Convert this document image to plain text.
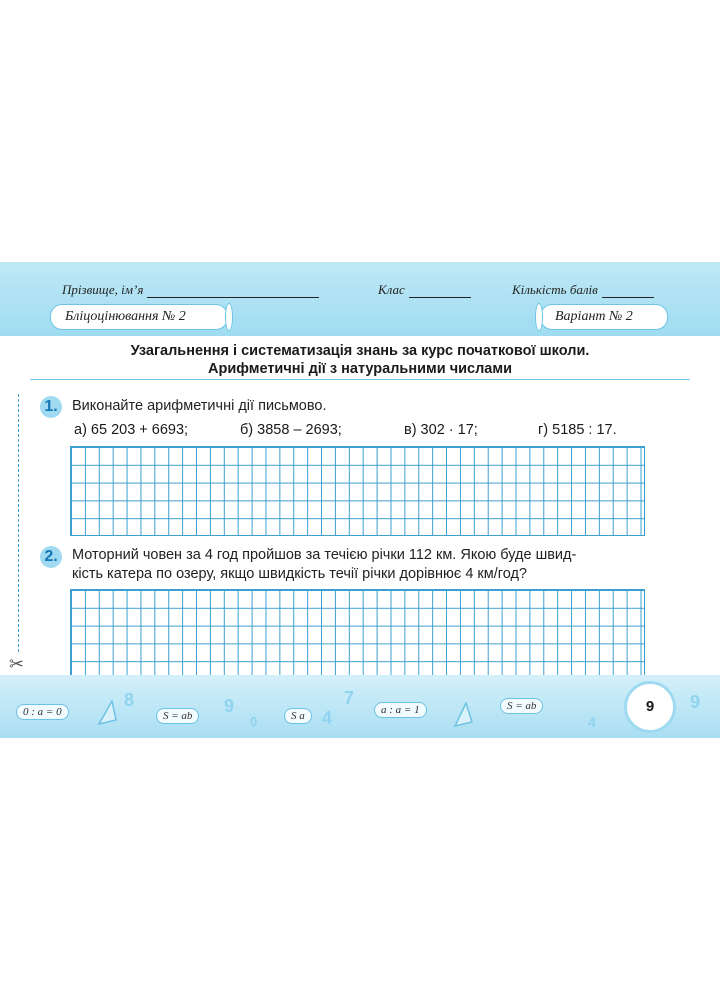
Прізвище, ім’я	Клас	Кількість балів
Бліцоцінювання № 2	Варіант № 2
Узагальнення і систематизація знань за курс початкової школи.
Арифметичні дії з натуральними числами
✂
1. Виконайте арифметичні дії письмово.
а) 65 203 + 6693;	б) 3858 – 2693;	в) 302 · 17;	г) 5185 : 17.
2. Моторний човен за 4 год пройшов за течією річки 112 км. Якою буде швид-
кість катера по озеру, якщо швидкість течії річки дорівнює 4 км/год?
0 : a = 0
8
S = ab	9
0	S a 4
7
a : a = 1	S = ab
4
9	9
